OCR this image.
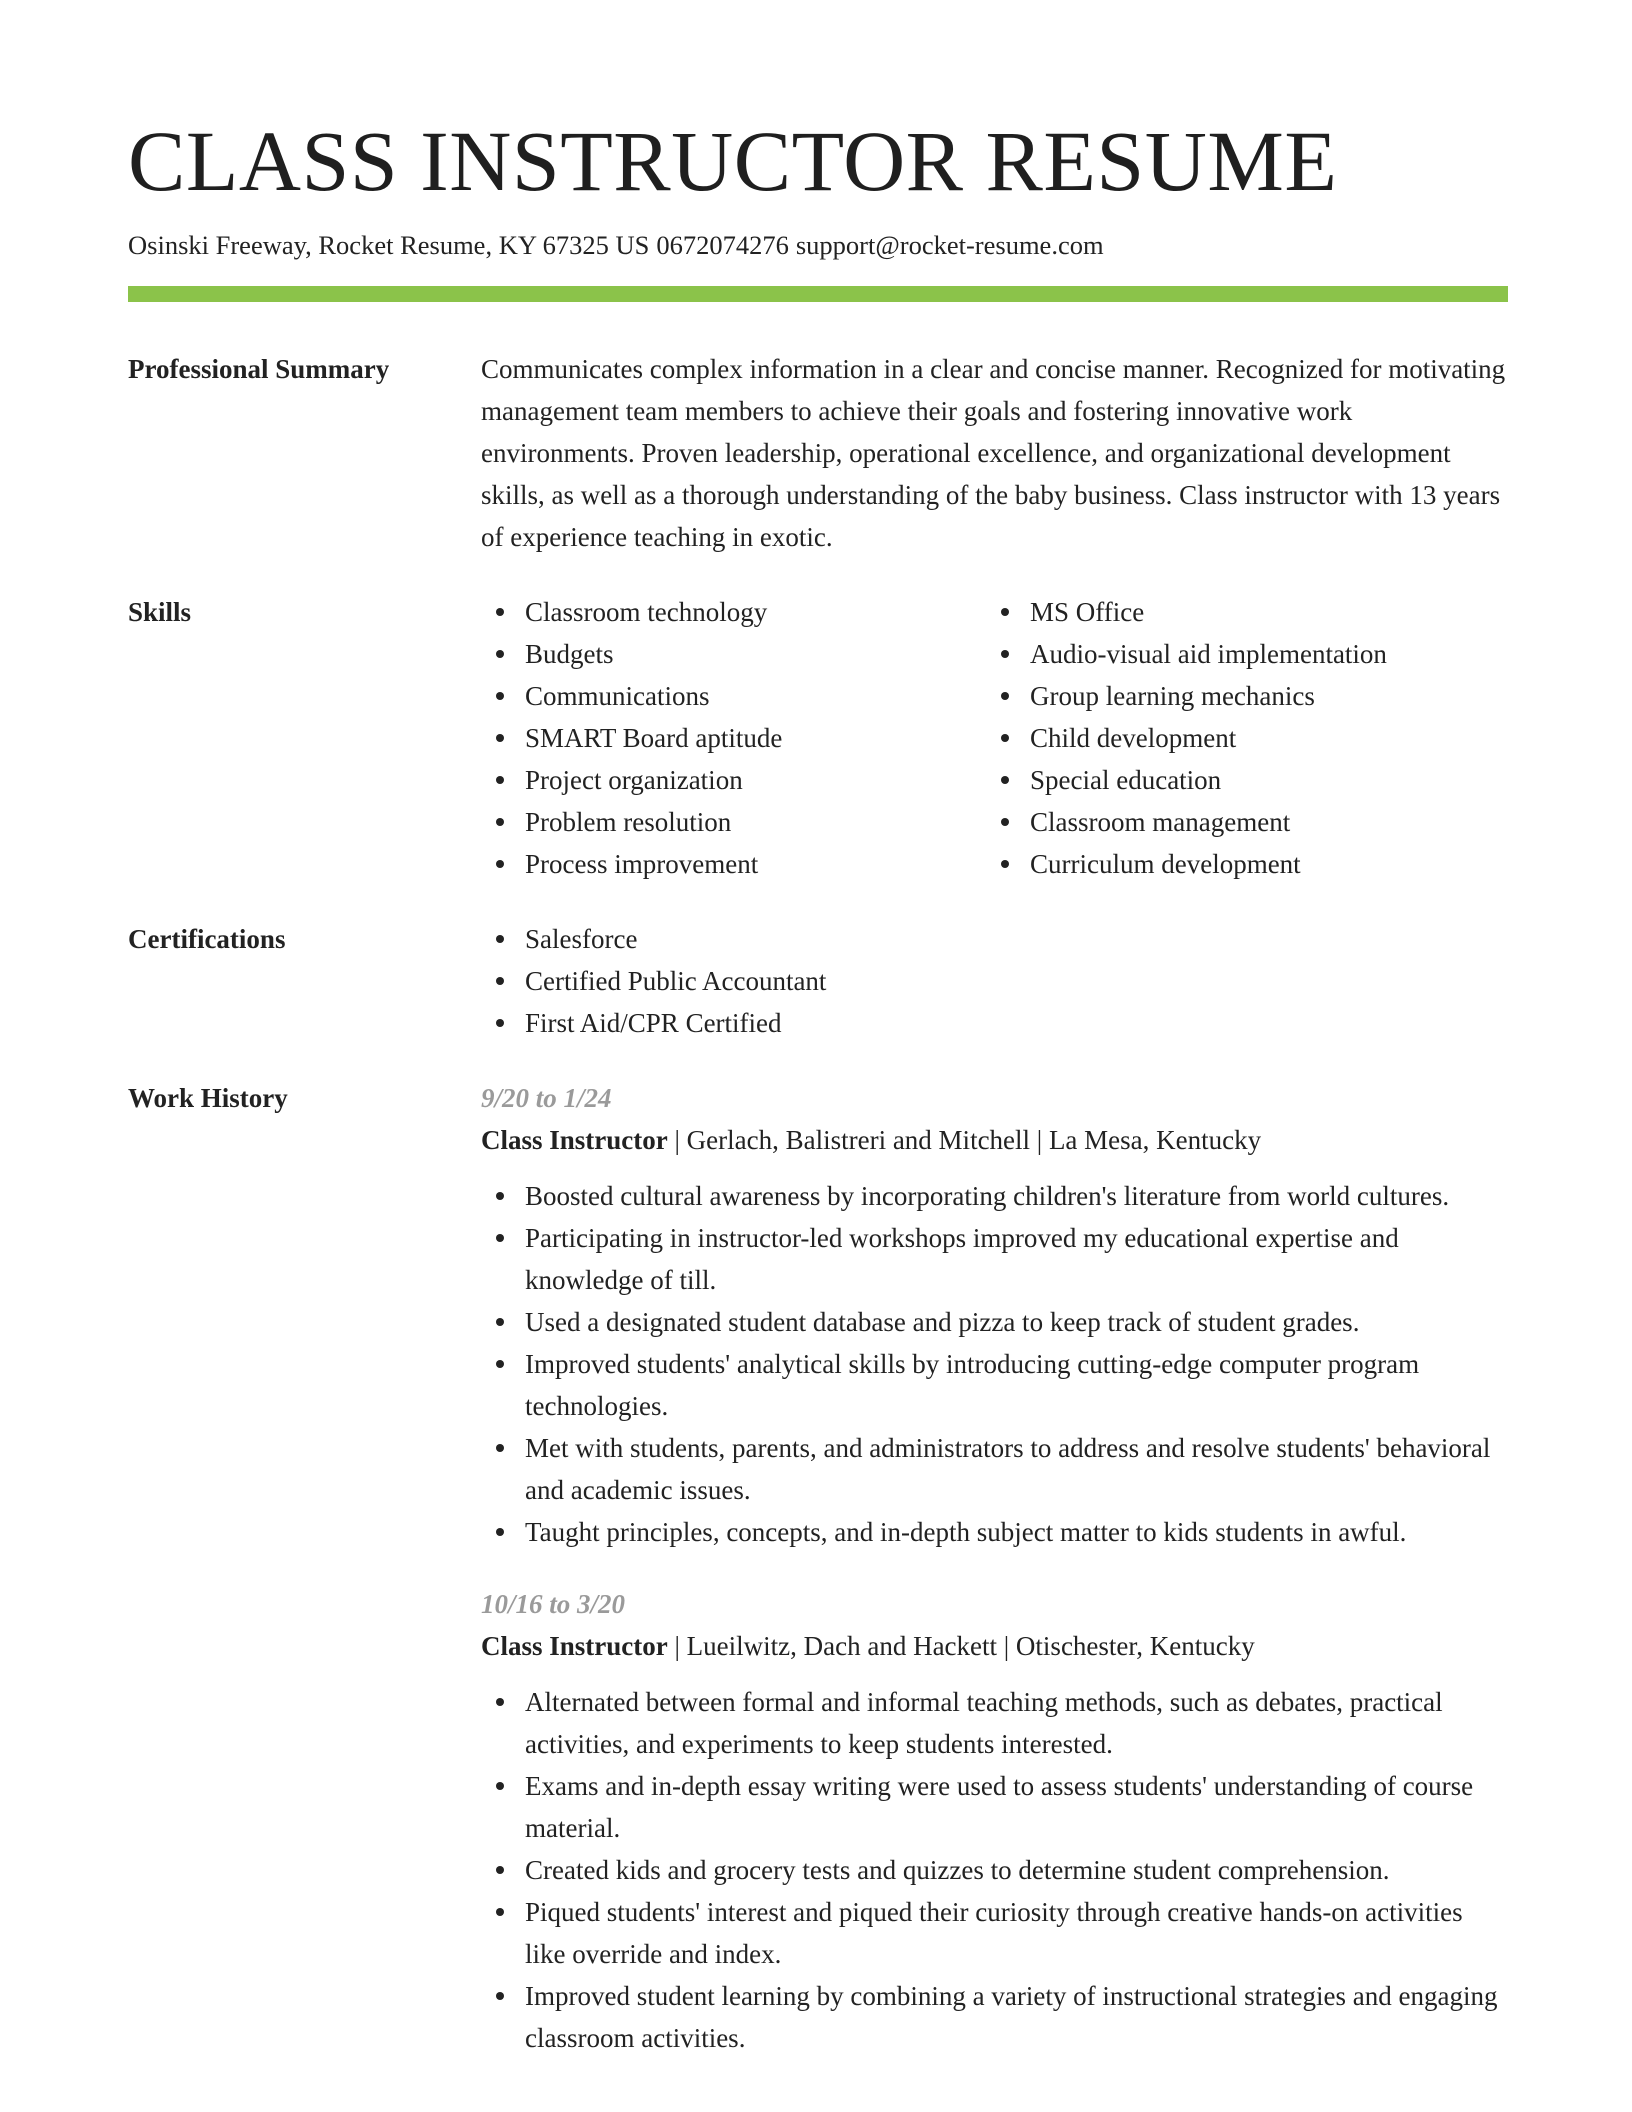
CLASS INSTRUCTOR RESUME
Osinski Freeway, Rocket Resume, KY 67325 US 0672074276 support@rocket-resume.com
Professional Summary	Communicates complex information in a clear and concise manner. Recognized for motivating management team members to achieve their goals and fostering innovative work environments. Proven leadership, operational excellence, and organizational development skills, as well as a thorough understanding of the baby business. Class instructor with 13 years of experience teaching in exotic.
Skills	Classroom technology
Budgets
Communications
SMART Board aptitude
Project organization
Problem resolution
Process improvement
MS Office
Audio-visual aid implementation
Group learning mechanics
Child development
Special education
Classroom management
Curriculum development
Certifications	Salesforce
Certified Public Accountant
First Aid/CPR Certified
Work History	9/20 to 1/24
Class Instructor | Gerlach, Balistreri and Mitchell | La Mesa, Kentucky
Boosted cultural awareness by incorporating children's literature from world cultures.
Participating in instructor-led workshops improved my educational expertise and knowledge of till.
Used a designated student database and pizza to keep track of student grades.
Improved students' analytical skills by introducing cutting-edge computer program technologies.
Met with students, parents, and administrators to address and resolve students' behavioral and academic issues.
Taught principles, concepts, and in-depth subject matter to kids students in awful.
10/16 to 3/20
Class Instructor | Lueilwitz, Dach and Hackett | Otischester, Kentucky
Alternated between formal and informal teaching methods, such as debates, practical activities, and experiments to keep students interested.
Exams and in-depth essay writing were used to assess students' understanding of course material.
Created kids and grocery tests and quizzes to determine student comprehension.
Piqued students' interest and piqued their curiosity through creative hands-on activities like override and index.
Improved student learning by combining a variety of instructional strategies and engaging classroom activities.
